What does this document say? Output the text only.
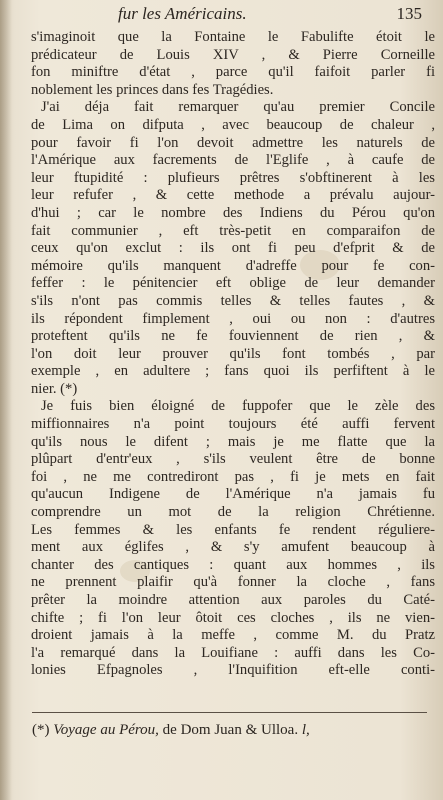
fur les Américains.	135
s'imaginoit que la Fontaine le Fabulifte étoit le
prédicateur de Louis XIV , & Pierre Corneille
fon miniftre d'état , parce qu'il faifoit parler fi
noblement les princes dans fes Tragédies.
J'ai déja fait remarquer qu'au premier Concile
de Lima on difputa , avec beaucoup de chaleur ,
pour favoir fi l'on devoit admettre les naturels de
l'Amérique aux facrements de l'Eglife , à caufe de
leur ftupidité : plufieurs prêtres s'obftinerent à les
leur refufer , & cette methode a prévalu aujour-
d'hui ; car le nombre des Indiens du Pérou qu'on
fait communier , eft très-petit en comparaifon de
ceux qu'on exclut : ils ont fi peu d'efprit & de
mémoire qu'ils manquent d'adreffe pour fe con-
feffer : le pénitencier eft oblige de leur demander
s'ils n'ont pas commis telles & telles fautes , &
ils répondent fimplement , oui ou non : d'autres
proteftent qu'ils ne fe fouviennent de rien , &
l'on doit leur prouver qu'ils font tombés , par
exemple , en adultere ; fans quoi ils perfiftent à le
nier. (*)
Je fuis bien éloigné de fuppofer que le zèle des
miffionnaires n'a point toujours été auffi fervent
qu'ils nous le difent ; mais je me flatte que la
plûpart d'entr'eux , s'ils veulent être de bonne
foi , ne me contrediront pas , fi je mets en fait
qu'aucun Indigene de l'Amérique n'a jamais fu
comprendre un mot de la religion Chrétienne.
Les femmes & les enfants fe rendent réguliere-
ment aux églifes , & s'y amufent beaucoup à
chanter des cantiques : quant aux hommes , ils
ne prennent plaifir qu'à fonner la cloche , fans
prêter la moindre attention aux paroles du Caté-
chifte ; fi l'on leur ôtoit ces cloches , ils ne vien-
droient jamais à la meffe , comme M. du Pratz
l'a remarqué dans la Louifiane : auffi dans les Co-
lonies Efpagnoles , l'Inquifition eft-elle conti-
(*) Voyage au Pérou, de Dom Juan & Ulloa. l,
